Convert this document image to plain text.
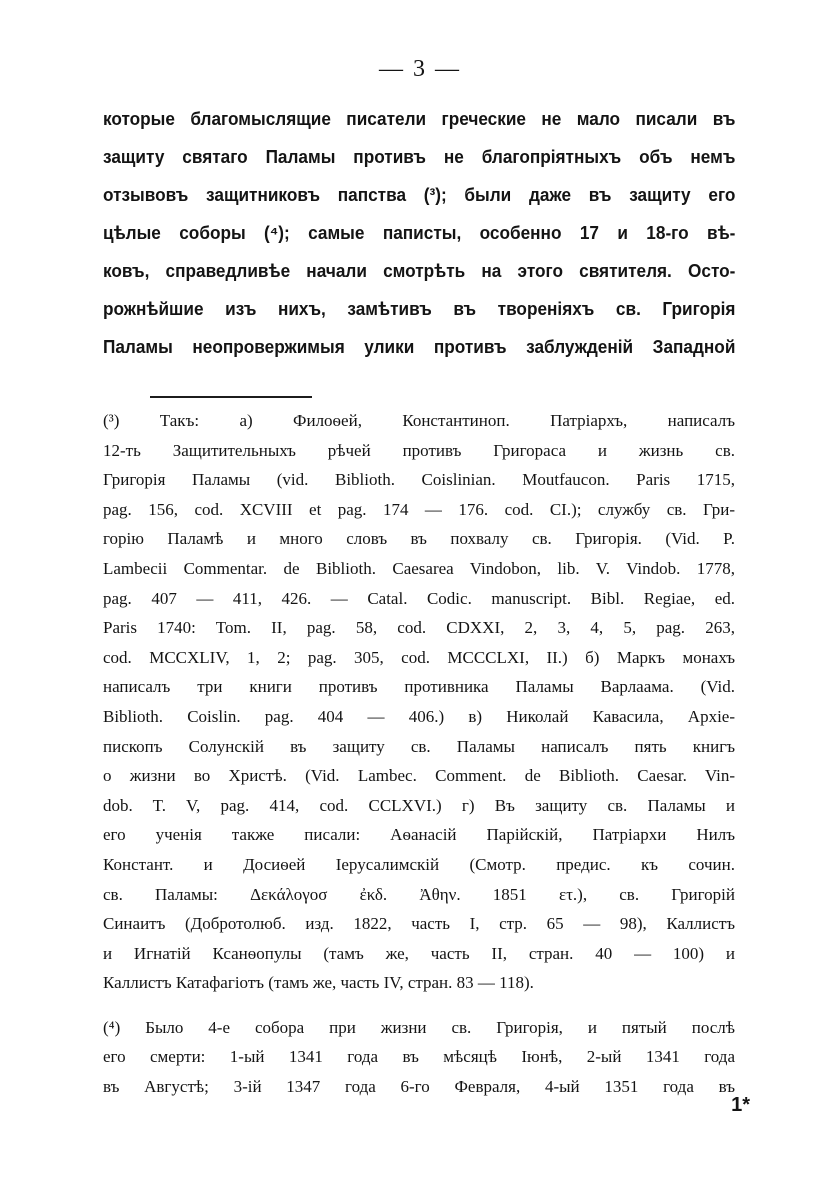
— 3 —
которые благомыслящие писатели греческие не мало писали въ
защиту святаго Паламы противъ не благопріятныхъ объ немъ
отзывовъ защитниковъ папства (³); были даже въ защиту его
цѣлые соборы (⁴); самые паписты, особенно 17 и 18-го вѣ-
ковъ, справедливѣе начали смотрѣть на этого святителя. Осто-
рожнѣйшие изъ нихъ, замѣтивъ въ твореніяхъ св. Григорія
Паламы неопровержимыя улики противъ заблужденій Западной
(³) Такъ: а) Филоѳей, Константиноп. Патріархъ, написалъ
12-ть Защитительныхъ рѣчей противъ Григораса и жизнь св.
Григорія Паламы (vid. Biblioth. Coislinian. Moutfaucon. Paris 1715,
pag. 156, cod. XCVIII et pag. 174 — 176. cod. CI.); службу св. Гри-
горію Паламѣ и много словъ въ похвалу св. Григорія. (Vid. P.
Lambecii Commentar. de Biblioth. Caesarea Vindobon, lib. V. Vindob. 1778,
pag. 407 — 411, 426. — Catal. Codic. manuscript. Bibl. Regiae, ed.
Paris 1740: Tom. II, pag. 58, cod. CDXXI, 2, 3, 4, 5, pag. 263,
cod. MCCXLIV, 1, 2; pag. 305, cod. MCCCLXI, II.) б) Маркъ монахъ
написалъ три книги противъ противника Паламы Варлаама. (Vid.
Biblioth. Coislin. pag. 404 — 406.) в) Николай Кавасила, Архіе-
пископъ Солунскій въ защиту св. Паламы написалъ пять книгъ
о жизни во Христѣ. (Vid. Lambec. Comment. de Biblioth. Caesar. Vin-
dob. T. V, pag. 414, cod. CCLXVI.) г) Въ защиту св. Паламы и
его ученія также писали: Аѳанасій Парійскій, Патріархи Нилъ
Констант. и Досиѳей Іерусалимскій (Смотр. предис. къ сочин.
св. Паламы: Δεκάλογοσ ἐκδ. Ἀθην. 1851 ετ.), св. Григорій
Синаитъ (Добротолюб. изд. 1822, часть I, стр. 65 — 98), Каллистъ
и Игнатій Ксанѳопулы (тамъ же, часть II, стран. 40 — 100) и
Каллистъ Катафагіотъ (тамъ же, часть IV, стран. 83 — 118).
(⁴) Было 4-е собора при жизни св. Григорія, и пятый послѣ
его смерти: 1-ый 1341 года въ мѣсяцѣ Іюнѣ, 2-ый 1341 года
въ Августѣ; 3-ій 1347 года 6-го Февраля, 4-ый 1351 года въ
1*
